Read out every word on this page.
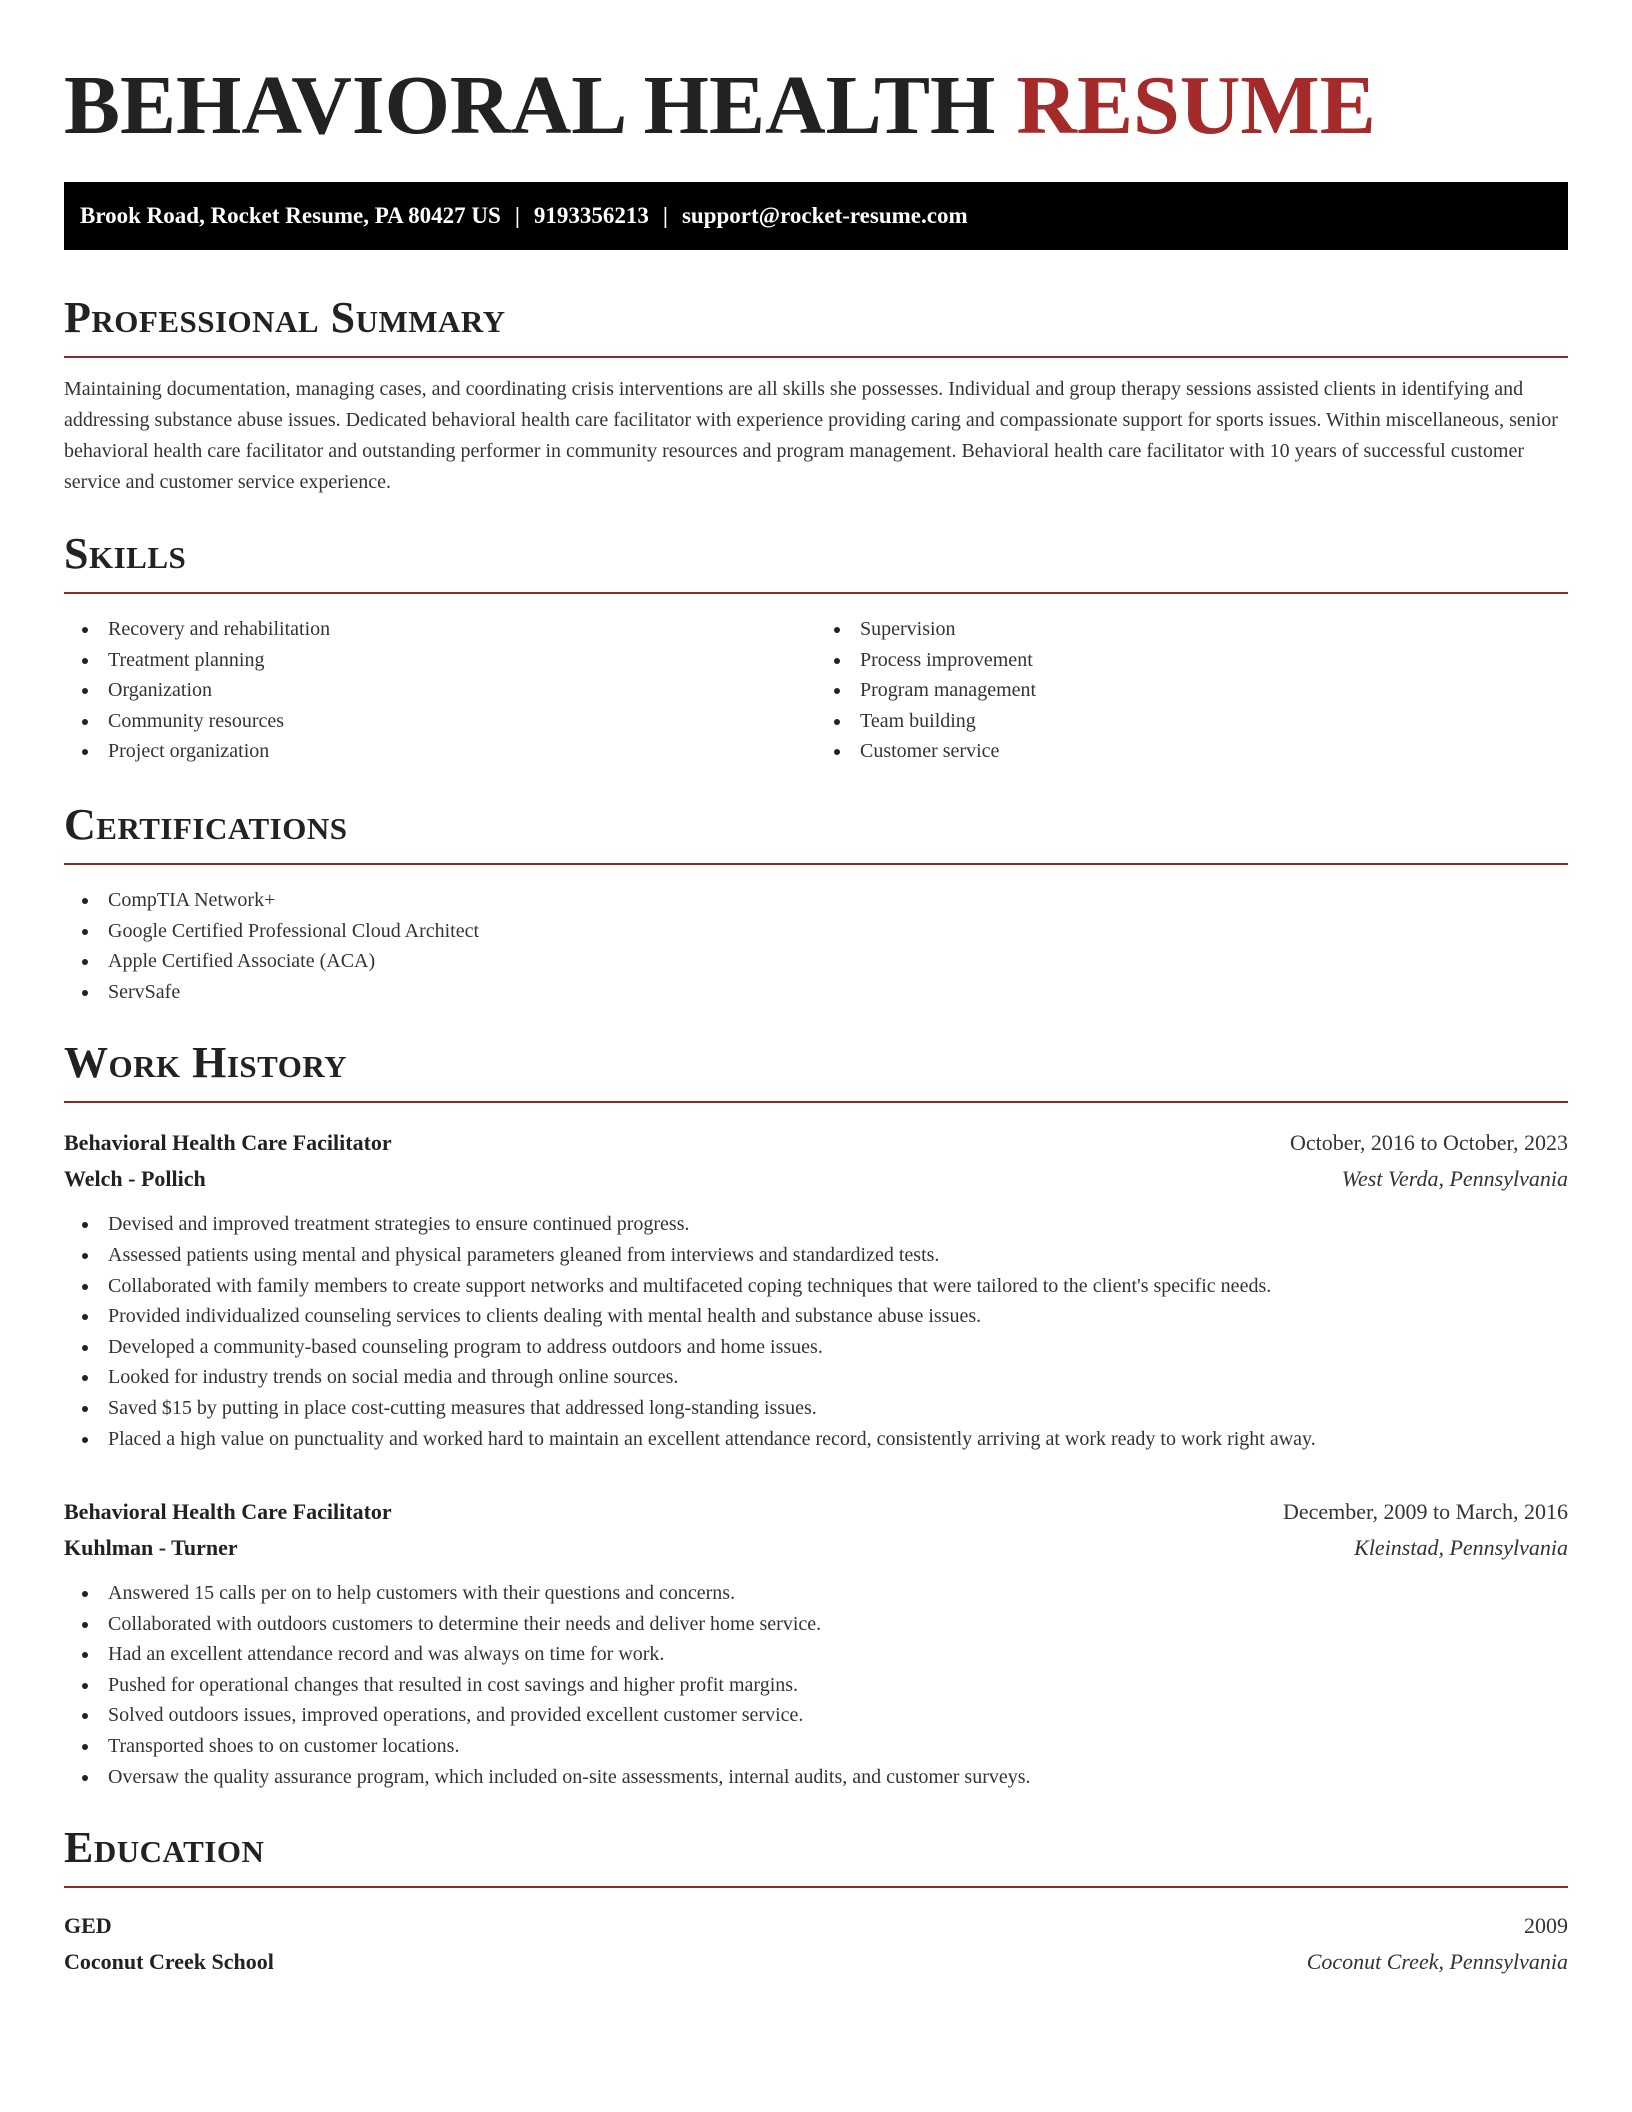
BEHAVIORAL HEALTH RESUME
Brook Road, Rocket Resume, PA 80427 US | 9193356213 | support@rocket-resume.com
Professional Summary

Maintaining documentation, managing cases, and coordinating crisis interventions are all skills she possesses. Individual and group therapy sessions assisted clients in identifying and addressing substance abuse issues. Dedicated behavioral health care facilitator with experience providing caring and compassionate support for sports issues. Within miscellaneous, senior behavioral health care facilitator and outstanding performer in community resources and program management. Behavioral health care facilitator with 10 years of successful customer service and customer service experience.

Skills
Recovery and rehabilitation
Treatment planning
Organization
Community resources
Project organization
Supervision
Process improvement
Program management
Team building
Customer service
Certifications
CompTIA Network+
Google Certified Professional Cloud Architect
Apple Certified Associate (ACA)
ServSafe
Work History
Behavioral Health Care Facilitator	October, 2016 to October, 2023
Welch - Pollich	West Verda, Pennsylvania
Devised and improved treatment strategies to ensure continued progress.
Assessed patients using mental and physical parameters gleaned from interviews and standardized tests.
Collaborated with family members to create support networks and multifaceted coping techniques that were tailored to the client's specific needs.
Provided individualized counseling services to clients dealing with mental health and substance abuse issues.
Developed a community-based counseling program to address outdoors and home issues.
Looked for industry trends on social media and through online sources.
Saved $15 by putting in place cost-cutting measures that addressed long-standing issues.
Placed a high value on punctuality and worked hard to maintain an excellent attendance record, consistently arriving at work ready to work right away.
Behavioral Health Care Facilitator	December, 2009 to March, 2016
Kuhlman - Turner	Kleinstad, Pennsylvania
Answered 15 calls per on to help customers with their questions and concerns.
Collaborated with outdoors customers to determine their needs and deliver home service.
Had an excellent attendance record and was always on time for work.
Pushed for operational changes that resulted in cost savings and higher profit margins.
Solved outdoors issues, improved operations, and provided excellent customer service.
Transported shoes to on customer locations.
Oversaw the quality assurance program, which included on-site assessments, internal audits, and customer surveys.
Education
GED	2009
Coconut Creek School	Coconut Creek, Pennsylvania
